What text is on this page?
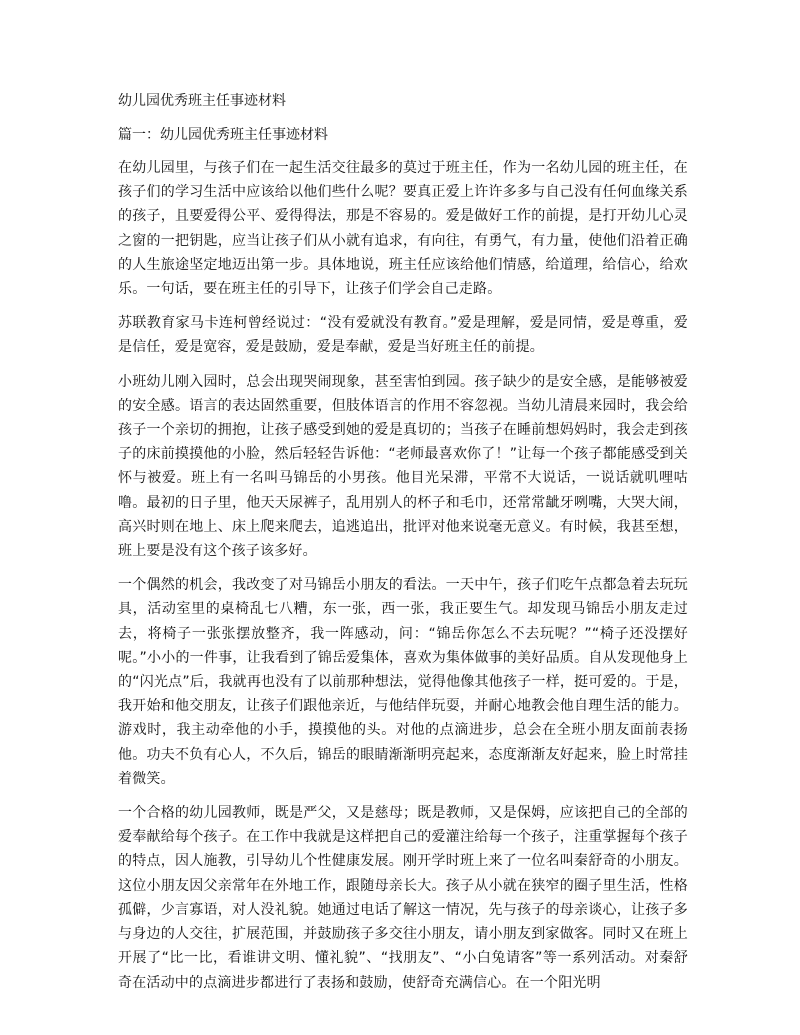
幼儿园优秀班主任事迹材料
篇一：幼儿园优秀班主任事迹材料

在幼儿园里，与孩子们在一起生活交往最多的莫过于班主任，作为一名幼儿园的班主任，在孩子们的学习生活中应该给以他们些什么呢？要真正爱上许许多多与自己没有任何血缘关系的孩子，且要爱得公平、爱得得法，那是不容易的。爱是做好工作的前提，是打开幼儿心灵之窗的一把钥匙，应当让孩子们从小就有追求，有向往，有勇气，有力量，使他们沿着正确的人生旅途坚定地迈出第一步。具体地说，班主任应该给他们情感，给道理，给信心，给欢乐。一句话，要在班主任的引导下，让孩子们学会自己走路。

苏联教育家马卡连柯曾经说过：“没有爱就没有教育。”爱是理解，爱是同情，爱是尊重，爱是信任，爱是宽容，爱是鼓励，爱是奉献，爱是当好班主任的前提。

小班幼儿刚入园时，总会出现哭闹现象，甚至害怕到园。孩子缺少的是安全感，是能够被爱的安全感。语言的表达固然重要，但肢体语言的作用不容忽视。当幼儿清晨来园时，我会给孩子一个亲切的拥抱，让孩子感受到她的爱是真切的；当孩子在睡前想妈妈时，我会走到孩子的床前摸摸他的小脸，然后轻轻告诉他：“老师最喜欢你了！”让每一个孩子都能感受到关怀与被爱。班上有一名叫马锦岳的小男孩。他目光呆滞，平常不大说话，一说话就叽哩咕噜。最初的日子里，他天天尿裤子，乱用别人的杯子和毛巾，还常常龇牙咧嘴，大哭大闹，高兴时则在地上、床上爬来爬去，追逃追出，批评对他来说毫无意义。有时候，我甚至想，班上要是没有这个孩子该多好。

一个偶然的机会，我改变了对马锦岳小朋友的看法。一天中午，孩子们吃午点都急着去玩玩具，活动室里的桌椅乱七八糟，东一张，西一张，我正要生气。却发现马锦岳小朋友走过去，将椅子一张张摆放整齐，我一阵感动，问：“锦岳你怎么不去玩呢？”“椅子还没摆好呢。”小小的一件事，让我看到了锦岳爱集体，喜欢为集体做事的美好品质。自从发现他身上的“闪光点”后，我就再也没有了以前那种想法，觉得他像其他孩子一样，挺可爱的。于是，我开始和他交朋友，让孩子们跟他亲近，与他结伴玩耍，并耐心地教会他自理生活的能力。游戏时，我主动牵他的小手，摸摸他的头。对他的点滴进步，总会在全班小朋友面前表扬他。功夫不负有心人，不久后，锦岳的眼睛渐渐明亮起来，态度渐渐友好起来，脸上时常挂着微笑。

一个合格的幼儿园教师，既是严父，又是慈母；既是教师，又是保姆，应该把自己的全部的爱奉献给每个孩子。在工作中我就是这样把自己的爱灌注给每一个孩子，注重掌握每个孩子的特点，因人施教，引导幼儿个性健康发展。刚开学时班上来了一位名叫秦舒奇的小朋友。这位小朋友因父亲常年在外地工作，跟随母亲长大。孩子从小就在狭窄的圈子里生活，性格孤僻，少言寡语，对人没礼貌。她通过电话了解这一情况，先与孩子的母亲谈心，让孩子多与身边的人交往，扩展范围，并鼓励孩子多交往小朋友，请小朋友到家做客。同时又在班上开展了“比一比，看谁讲文明、懂礼貌”、“找朋友”、“小白兔请客”等一系列活动。对秦舒奇在活动中的点滴进步都进行了表扬和鼓励，使舒奇充满信心。在一个阳光明
